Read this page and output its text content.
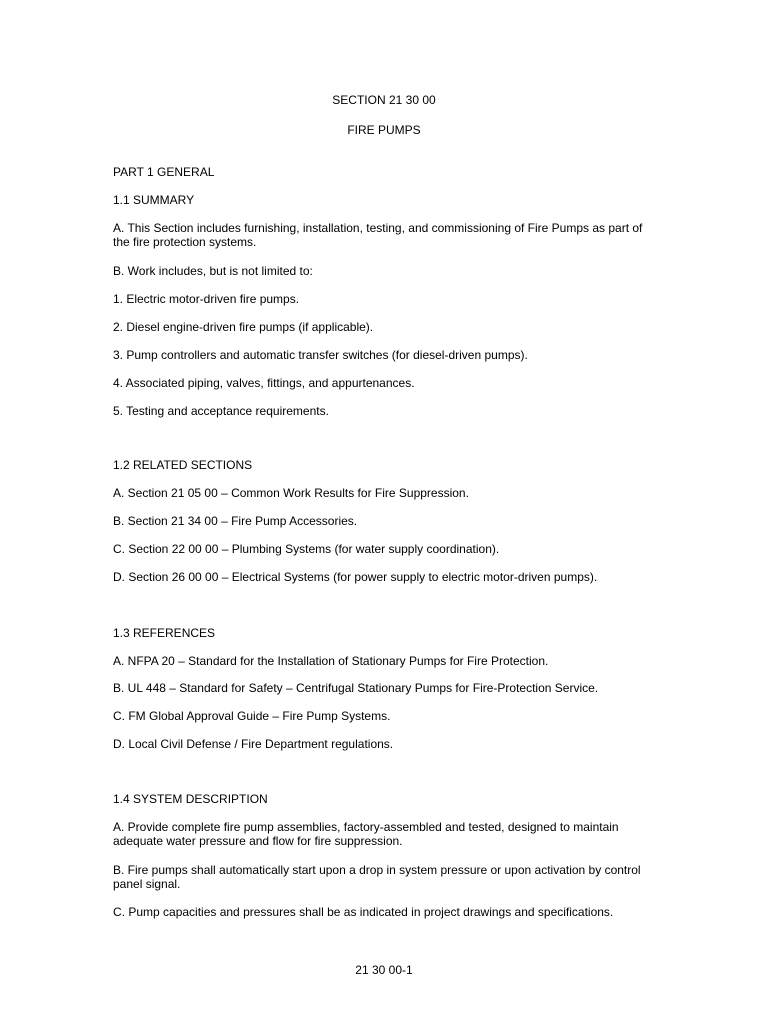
SECTION 21 30 00
FIRE PUMPS
PART 1 GENERAL
1.1 SUMMARY
A. This Section includes furnishing, installation, testing, and commissioning of Fire Pumps as part of the fire protection systems.
B. Work includes, but is not limited to:
1. Electric motor-driven fire pumps.
2. Diesel engine-driven fire pumps (if applicable).
3. Pump controllers and automatic transfer switches (for diesel-driven pumps).
4. Associated piping, valves, fittings, and appurtenances.
5. Testing and acceptance requirements.
1.2 RELATED SECTIONS
A. Section 21 05 00 – Common Work Results for Fire Suppression.
B. Section 21 34 00 – Fire Pump Accessories.
C. Section 22 00 00 – Plumbing Systems (for water supply coordination).
D. Section 26 00 00 – Electrical Systems (for power supply to electric motor-driven pumps).
1.3 REFERENCES
A. NFPA 20 – Standard for the Installation of Stationary Pumps for Fire Protection.
B. UL 448 – Standard for Safety – Centrifugal Stationary Pumps for Fire-Protection Service.
C. FM Global Approval Guide – Fire Pump Systems.
D. Local Civil Defense / Fire Department regulations.
1.4 SYSTEM DESCRIPTION
A. Provide complete fire pump assemblies, factory-assembled and tested, designed to maintain adequate water pressure and flow for fire suppression.
B. Fire pumps shall automatically start upon a drop in system pressure or upon activation by control panel signal.
C. Pump capacities and pressures shall be as indicated in project drawings and specifications.
21 30 00-1
